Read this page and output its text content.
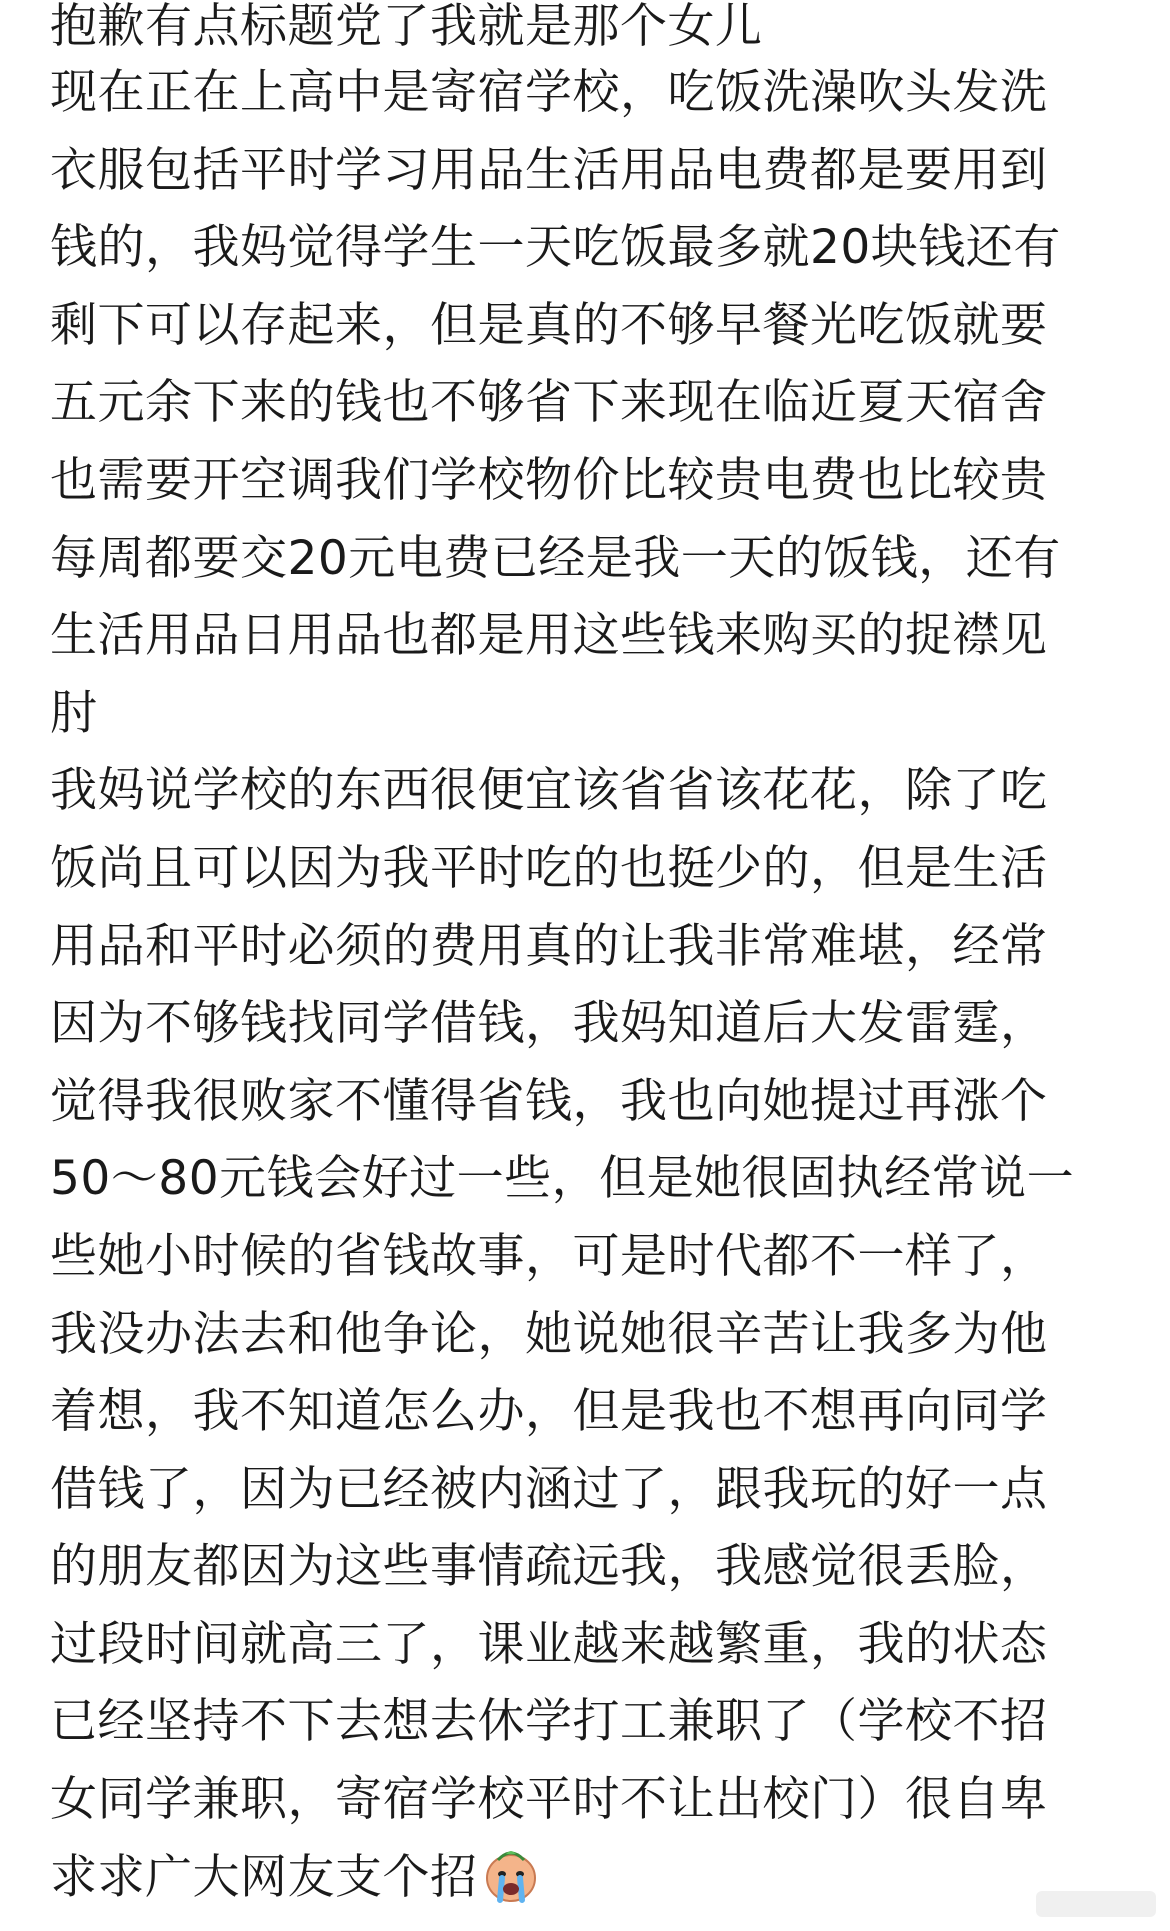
抱歉有点标题党了我就是那个女儿
现在正在上高中是寄宿学校，吃饭洗澡吹头发洗
衣服包括平时学习用品生活用品电费都是要用到
钱的，我妈觉得学生一天吃饭最多就20块钱还有
剩下可以存起来，但是真的不够早餐光吃饭就要
五元余下来的钱也不够省下来现在临近夏天宿舍
也需要开空调我们学校物价比较贵电费也比较贵
每周都要交20元电费已经是我一天的饭钱，还有
生活用品日用品也都是用这些钱来购买的捉襟见
肘
我妈说学校的东西很便宜该省省该花花，除了吃
饭尚且可以因为我平时吃的也挺少的，但是生活
用品和平时必须的费用真的让我非常难堪，经常
因为不够钱找同学借钱，我妈知道后大发雷霆，
觉得我很败家不懂得省钱，我也向她提过再涨个
50～80元钱会好过一些，但是她很固执经常说一
些她小时候的省钱故事，可是时代都不一样了，
我没办法去和他争论，她说她很辛苦让我多为他
着想，我不知道怎么办，但是我也不想再向同学
借钱了，因为已经被内涵过了，跟我玩的好一点
的朋友都因为这些事情疏远我，我感觉很丢脸，
过段时间就高三了，课业越来越繁重，我的状态
已经坚持不下去想去休学打工兼职了（学校不招
女同学兼职，寄宿学校平时不让出校门）很自卑
求求广大网友支个招
